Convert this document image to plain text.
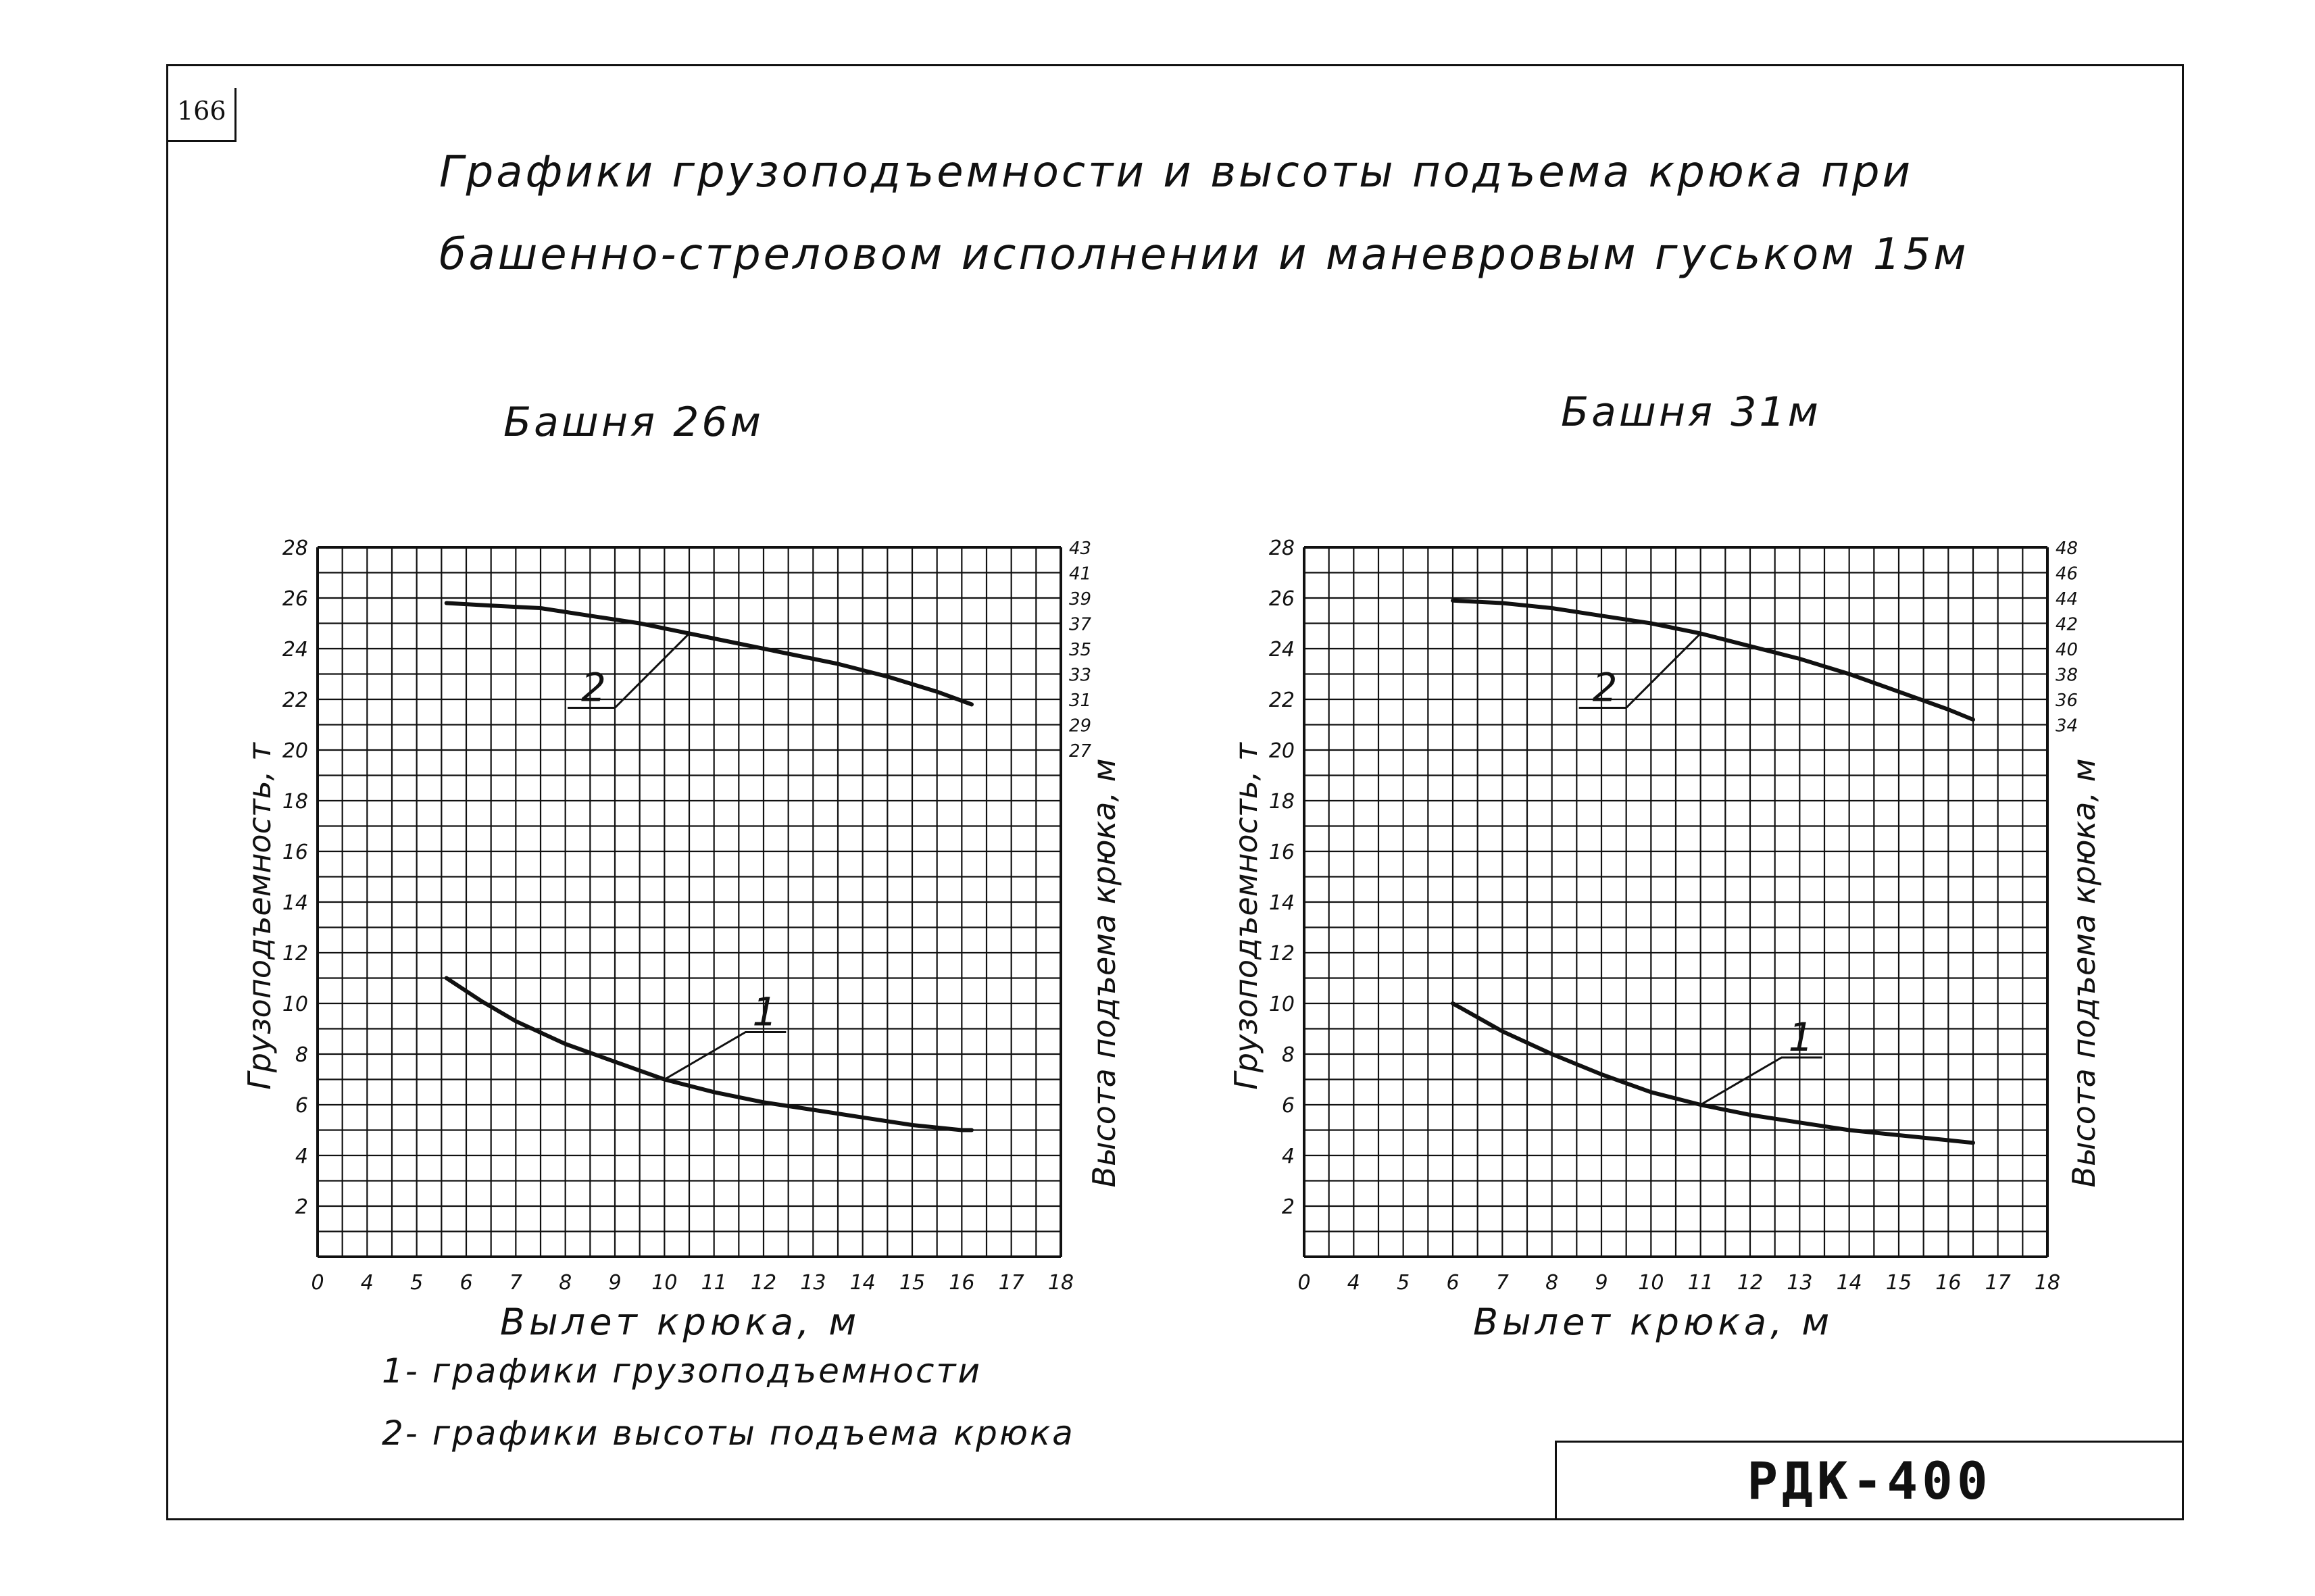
166
Графики грузоподъемности и высоты подъема крюка при
башенно-стреловом исполнении и маневровым гуськом 15м
Башня 26м	Башня 31м
0 4 5 6 7 8 9 10 11 12 13 14 15 16 17 18
2
4
6
8
10
12
14
16
18
20
22
24
26
28	43
41
39
37
35
33
31
29
27
Вылет крюка, м
Грузоподъемность, т	Высота подъема крюка, м
1
2
0 4 5 6 7 8 9 10 11 12 13 14 15 16 17 18
2
4
6
8
10
12
14
16
18
20
22
24
26
28	48
46
44
42
40
38
36
34
Вылет крюка, м
Грузоподъемность, т	Высота подъема крюка, м
1
2
1- графики грузоподъемности
2- графики высоты подъема крюка
РДК-400
